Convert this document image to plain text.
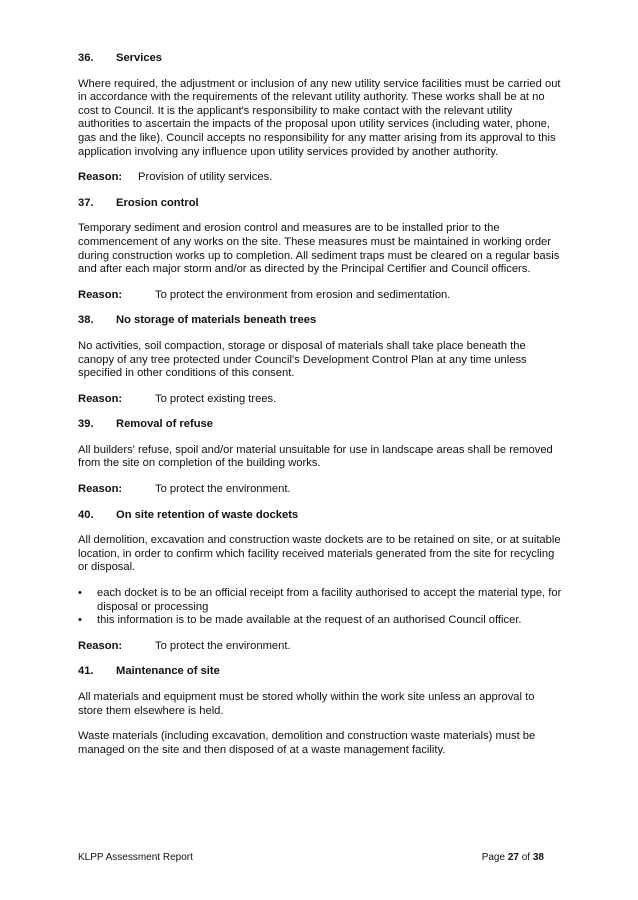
36.	Services
Where required, the adjustment or inclusion of any new utility service facilities must be carried out in accordance with the requirements of the relevant utility authority. These works shall be at no cost to Council. It is the applicant's responsibility to make contact with the relevant utility authorities to ascertain the impacts of the proposal upon utility services (including water, phone, gas and the like). Council accepts no responsibility for any matter arising from its approval to this application involving any influence upon utility services provided by another authority.
Reason:	Provision of utility services.
37.	Erosion control
Temporary sediment and erosion control and measures are to be installed prior to the commencement of any works on the site. These measures must be maintained in working order during construction works up to completion. All sediment traps must be cleared on a regular basis and after each major storm and/or as directed by the Principal Certifier and Council officers.
Reason:	To protect the environment from erosion and sedimentation.
38.	No storage of materials beneath trees
No activities, soil compaction, storage or disposal of materials shall take place beneath the canopy of any tree protected under Council's Development Control Plan at any time unless specified in other conditions of this consent.
Reason:	To protect existing trees.
39.	Removal of refuse
All builders' refuse, spoil and/or material unsuitable for use in landscape areas shall be removed from the site on completion of the building works.
Reason:	To protect the environment.
40.	On site retention of waste dockets
All demolition, excavation and construction waste dockets are to be retained on site, or at suitable location, in order to confirm which facility received materials generated from the site for recycling or disposal.
•	each docket is to be an official receipt from a facility authorised to accept the material type, for disposal or processing
•	this information is to be made available at the request of an authorised Council officer.
Reason:	To protect the environment.
41.	Maintenance of site
All materials and equipment must be stored wholly within the work site unless an approval to store them elsewhere is held.
Waste materials (including excavation, demolition and construction waste materials) must be managed on the site and then disposed of at a waste management facility.
KLPP Assessment Report	Page 27 of 38
